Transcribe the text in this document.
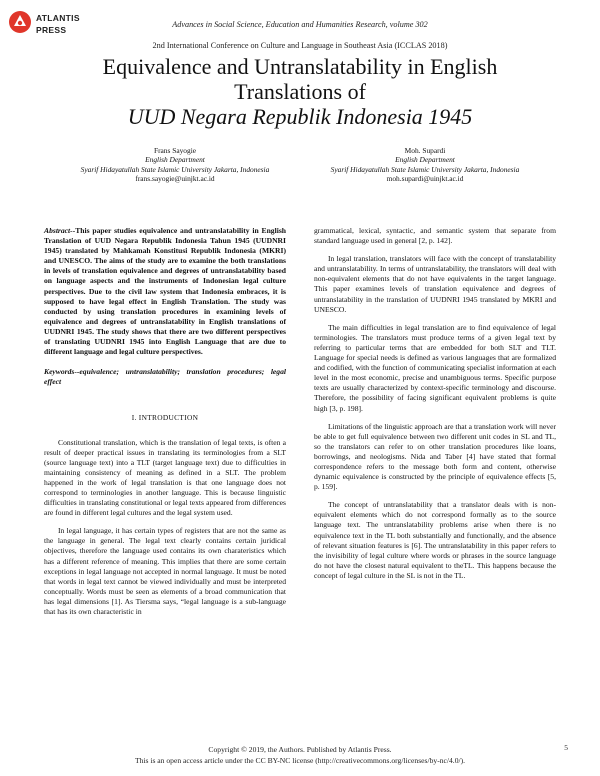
ATLANTIS
PRESS
Advances in Social Science, Education and Humanities Research, volume 302
2nd International Conference on Culture and Language in Southeast Asia (ICCLAS 2018)
Equivalence and Untranslatability in English
Translations of
UUD Negara Republik Indonesia 1945
Frans Sayogie
English Department
Syarif Hidayatullah State Islamic University Jakarta, Indonesia
frans.sayogie@uinjkt.ac.id
Moh. Supardi
English Department
Syarif Hidayatullah State Islamic University Jakarta, Indonesia
moh.supardi@uinjkt.ac.id

Abstract--This paper studies equivalence and untranslatability in English Translation of UUD Negara Republik Indonesia Tahun 1945 (UUDNRI 1945) translated by Mahkamah Konstitusi Republik Indonesia (MKRI) and UNESCO. The aims of the study are to examine the both translations in levels of translation equivalence and degrees of untranslatability based on language aspects and the instruments of Indonesian legal culture perspectives. Due to the civil law system that Indonesia embraces, it is supposed to have legal effect in English Translation. The study was conducted by using translation procedures in examining levels of equivalence and degrees of untranslatability in English translations of UUDNRI 1945. The study shows that there are two different perspectives of translating UUDNRI 1945 into English Language that are due to different language and legal culture perspectives.

Keywords--equivalence; untranslatability; translation procedures; legal effect

I. INTRODUCTION

Constitutional translation, which is the translation of legal texts, is often a result of deeper practical issues in translating its terminologies from a SLT (source language text) into a TLT (target language text) due to difficulties in maintaining consistency of meaning as defined in a SLT. The problem happened in the work of legal translation is that one language does not correspond to terminologies in another language. This is because linguistic difficulties in translating constitutional or legal texts appeared from differences are found in different legal cultures and the legal system used.

In legal language, it has certain types of registers that are not the same as the language in general. The legal text clearly contains certain juridical objectives, therefore the language used contains its own charateristics which has a different reference of meaning. This implies that there are some certain exceptions in legal language not accepted in normal language. It must be noted that words in legal text cannot be viewed individually and must be interpreted conceptually. Words must be seen as elements of a broad communication that has legal dimensions [1]. As Tiersma says, “legal language is a sub-language that has its own characteristic in

grammatical, lexical, syntactic, and semantic system that separate from standard language used in general [2, p. 142].

In legal translation, translators will face with the concept of translatability and untranslatability. In terms of untranslatability, the translators will deal with non-equivalent elements that do not have equivalents in the target language. This paper examines levels of translation equivalence and degrees of untranslatability in the translation of UUDNRI 1945 translated by MKRI and UNESCO.

The main difficulties in legal translation are to find equivalence of legal terminologies. The translators must produce terms of a given legal text by referring to particular terms that are embedded for both SLT and TLT. Language for special needs is defined as various languages that are formalized and codified, with the function of communicating specialist information at each level in the most economic, precise and unambiguous terms. Specific purpose texts are usually characterized by context-specific terminology and discourse. Therefore, the possibility of facing significant equivalent problems is quite high [3, p. 198].

Limitations of the linguistic approach are that a translation work will never be able to get full equivalence between two different unit codes in SL and TL, so the translators can refer to on other translation procedures like loans, borrowings, and neologisms. Nida and Taber [4] have stated that formal correspondence refers to the message both form and content, otherwise dynamic equivalence is constructed by the principle of equivalence effects [5, p. 159].

The concept of untranslatability that a translator deals with is non-equivalent elements which do not correspond formally as to the source language text. The untranslatability problems arise when there is no equivalence text in the TL both substantially and functionally, and the absence of relevant situation features is [6]. The untranslatability in this paper refers to the invisibility of legal culture where words or phrases in the source language do not have the closest natural equivalent to theTL. This happens because the concept of legal culture in the SL is not in the TL.

Copyright © 2019, the Authors. Published by Atlantis Press.
This is an open access article under the CC BY-NC license (http://creativecommons.org/licenses/by-nc/4.0/).
5
